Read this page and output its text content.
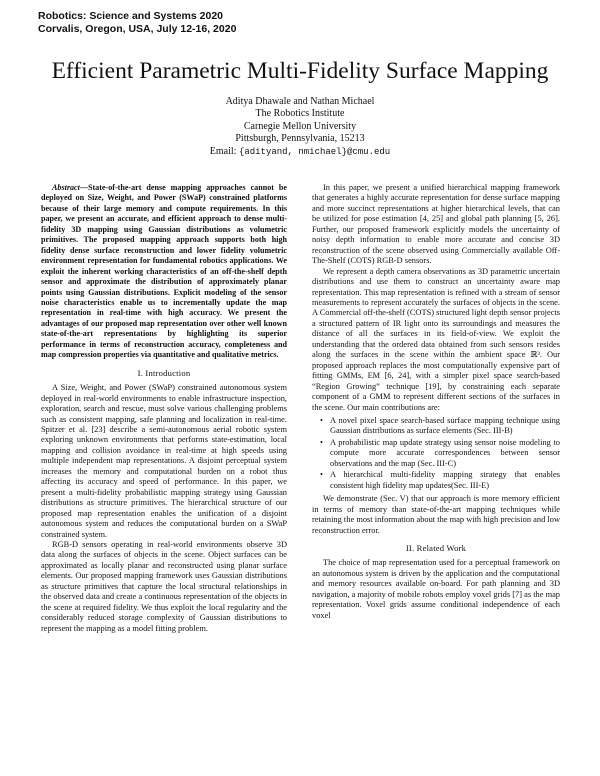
Robotics: Science and Systems 2020
Corvalis, Oregon, USA, July 12-16, 2020
Efficient Parametric Multi-Fidelity Surface Mapping
Aditya Dhawale and Nathan Michael
The Robotics Institute
Carnegie Mellon University
Pittsburgh, Pennsylvania, 15213
Email: {adityand, nmichael}@cmu.edu

Abstract—State-of-the-art dense mapping approaches cannot be deployed on Size, Weight, and Power (SWaP) constrained platforms because of their large memory and compute requirements. In this paper, we present an accurate, and efficient approach to dense multi-fidelity 3D mapping using Gaussian distributions as volumetric primitives. The proposed mapping approach supports both high fidelity dense surface reconstruction and lower fidelity volumetric environment representation for fundamental robotics applications. We exploit the inherent working characteristics of an off-the-shelf depth sensor and approximate the distribution of approximately planar points using Gaussian distributions. Explicit modeling of the sensor noise characteristics enable us to incrementally update the map representation in real-time with high accuracy. We present the advantages of our proposed map representation over other well known state-of-the-art representations by highlighting its superior performance in terms of reconstruction accuracy, completeness and map compression properties via quantitative and qualitative metrics.

I. Introduction

A Size, Weight, and Power (SWaP) constrained autonomous system deployed in real-world environments to enable infrastructure inspection, exploration, search and rescue, must solve various challenging problems such as consistent mapping, safe planning and localization in real-time. Spitzer et al. [23] describe a semi-autonomous aerial robotic system exploring unknown environments that performs state-estimation, local mapping and collision avoidance in real-time at high speeds using multiple independent map representations. A disjoint perceptual system increases the memory and computational burden on a robot thus affecting its accuracy and speed of performance. In this paper, we present a multi-fidelity probabilistic mapping strategy using Gaussian distributions as structure primitives. The hierarchical structure of our proposed map representation enables the unification of a disjoint autonomous system and reduces the computational burden on a SWaP constrained system.

RGB-D sensors operating in real-world environments observe 3D data along the surfaces of objects in the scene. Object surfaces can be approximated as locally planar and reconstructed using planar surface elements. Our proposed mapping framework uses Gaussian distributions as structure primitives that capture the local structural relationships in the observed data and create a continuous representation of the objects in the scene at required fidelity. We thus exploit the local regularity and the considerably reduced storage complexity of Gaussian distributions to represent the mapping as a model fitting problem.

In this paper, we present a unified hierarchical mapping framework that generates a highly accurate representation for dense surface mapping and more succinct representations at higher hierarchical levels, that can be utilized for pose estimation [4, 25] and global path planning [5, 26]. Further, our proposed framework explicitly models the uncertainty of noisy depth information to enable more accurate and concise 3D reconstruction of the scene observed using Commercially available Off-The-Shelf (COTS) RGB-D sensors.

We represent a depth camera observations as 3D parametric uncertain distributions and use them to construct an uncertainty aware map representation. This map representation is refined with a stream of sensor measurements to represent accurately the surfaces of objects in the scene. A Commercial off-the-shelf (COTS) structured light depth sensor projects a structured pattern of IR light onto its surroundings and measures the distance of all the surfaces in its field-of-view. We exploit the understanding that the ordered data obtained from such sensors resides along the surfaces in the scene within the ambient space ℝ³. Our proposed approach replaces the most computationally expensive part of fitting GMMs, EM [6, 24], with a simpler pixel space search-based “Region Growing” technique [19], by constraining each separate component of a GMM to represent different sections of the surfaces in the scene. Our main contributions are:

• A novel pixel space search-based surface mapping technique using Gaussian distributions as surface elements (Sec. III-B)
• A probabilistic map update strategy using sensor noise modeling to compute more accurate correspondences between sensor observations and the map (Sec. III-C)
• A hierarchical multi-fidelity mapping strategy that enables consistent high fidelity map updates(Sec. III-E)

We demonstrate (Sec. V) that our approach is more memory efficient in terms of memory than state-of-the-art mapping techniques while retaining the most information about the map with high precision and low reconstruction error.

II. Related Work

The choice of map representation used for a perceptual framework on an autonomous system is driven by the application and the computational and memory resources available on-board. For path planning and 3D navigation, a majority of mobile robots employ voxel grids [7] as the map representation. Voxel grids assume conditional independence of each voxel
